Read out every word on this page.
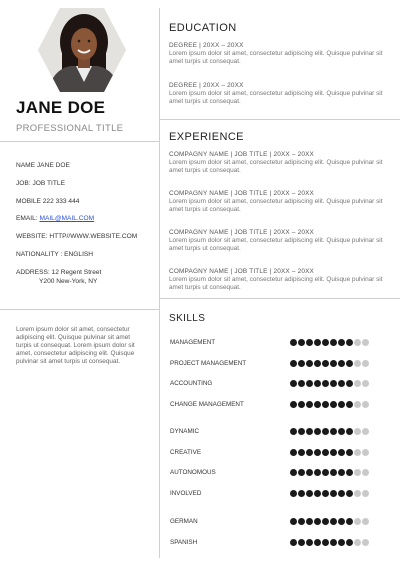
JANE DOE
PROFESSIONAL TITLE
NAME JANE DOE
JOB: JOB TITLE
MOBILE 222 333 444
EMAIL: MAIL@MAIL.COM
WEBSITE: HTTP//WWW.WEBSITE.COM
NATIONALITY : ENGLISH
ADDRESS: 12 Regent Street
Y200 New-York, NY
Lorem ipsum dolor sit amet, consectetur adipiscing elit. Quisque pulvinar sit amet turpis ut consequat. Lorem ipsum dolor sit amet, consectetur adipiscing elit. Quisque pulvinar sit amet turpis ut consequat.
EDUCATION
DEGREE | 20XX – 20XX
Lorem ipsum dolor sit amet, consectetur adipiscing elit. Quisque pulvinar sit amet turpis ut consequat.
DEGREE | 20XX – 20XX
Lorem ipsum dolor sit amet, consectetur adipiscing elit. Quisque pulvinar sit amet turpis ut consequat.
EXPERIENCE
COMPAGNY NAME | JOB TITLE | 20XX – 20XX
Lorem ipsum dolor sit amet, consectetur adipiscing elit. Quisque pulvinar sit amet turpis ut consequat.
COMPAGNY NAME | JOB TITLE | 20XX – 20XX
Lorem ipsum dolor sit amet, consectetur adipiscing elit. Quisque pulvinar sit amet turpis ut consequat.
COMPAGNY NAME | JOB TITLE | 20XX – 20XX
Lorem ipsum dolor sit amet, consectetur adipiscing elit. Quisque pulvinar sit amet turpis ut consequat.
COMPAGNY NAME | JOB TITLE | 20XX – 20XX
Lorem ipsum dolor sit amet, consectetur adipiscing elit. Quisque pulvinar sit amet turpis ut consequat.
SKILLS
MANAGEMENT
PROJECT MANAGEMENT
ACCOUNTING
CHANGE MANAGEMENT
DYNAMIC
CREATIVE
AUTONOMOUS
INVOLVED
GERMAN
SPANISH
